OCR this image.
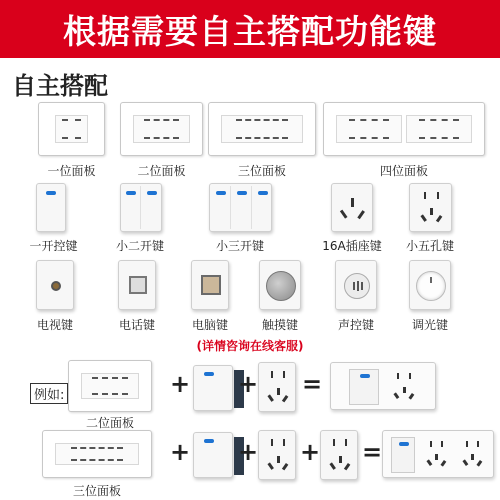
根据需要自主搭配功能键
自主搭配
一位面板	二位面板	三位面板	四位面板
一开控键	小二开键	小三开键	16A插座键	小五孔键
电视键	电话键	电脑键	触摸键	声控键	调光键
(详情咨询在线客服)
例如:
二位面板
+ + =
三位面板
+ + + =
